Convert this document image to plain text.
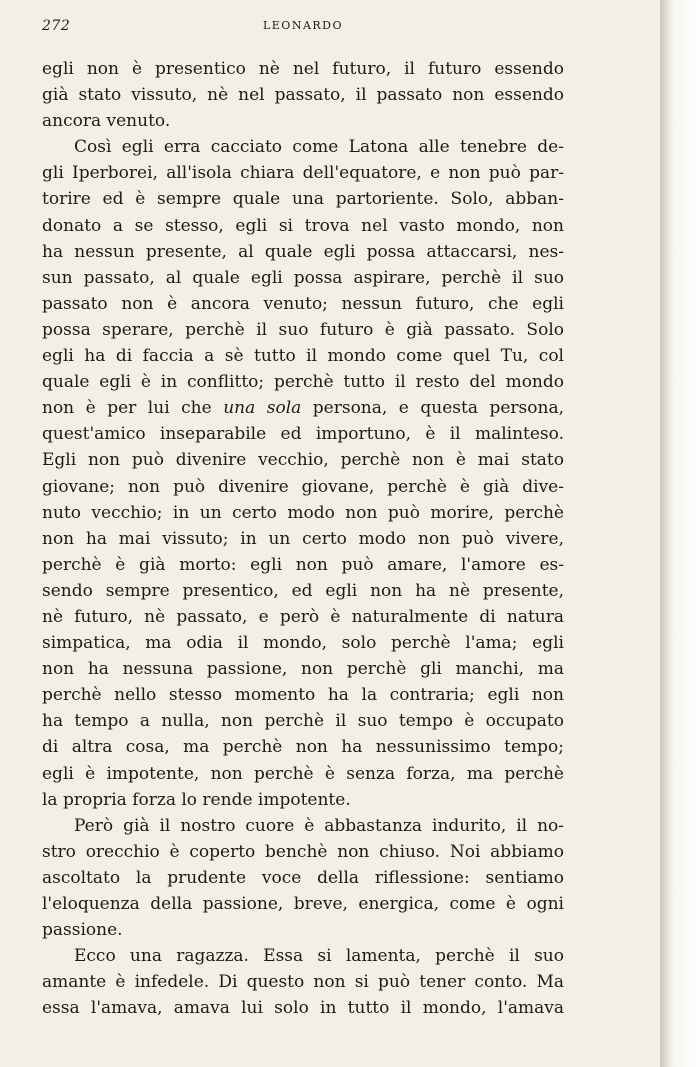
272	LEONARDO
egli non è presentico nè nel futuro, il futuro essendo
già stato vissuto, nè nel passato, il passato non essendo
ancora venuto.
Così egli erra cacciato come Latona alle tenebre de-
gli Iperborei, all'isola chiara dell'equatore, e non può par-
torire ed è sempre quale una partoriente. Solo, abban-
donato a se stesso, egli si trova nel vasto mondo, non
ha nessun presente, al quale egli possa attaccarsi, nes-
sun passato, al quale egli possa aspirare, perchè il suo
passato non è ancora venuto; nessun futuro, che egli
possa sperare, perchè il suo futuro è già passato. Solo
egli ha di faccia a sè tutto il mondo come quel Tu, col
quale egli è in conflitto; perchè tutto il resto del mondo
non è per lui che una sola persona, e questa persona,
quest'amico inseparabile ed importuno, è il malinteso.
Egli non può divenire vecchio, perchè non è mai stato
giovane; non può divenire giovane, perchè è già dive-
nuto vecchio; in un certo modo non può morire, perchè
non ha mai vissuto; in un certo modo non può vivere,
perchè è già morto: egli non può amare, l'amore es-
sendo sempre presentico, ed egli non ha nè presente,
nè futuro, nè passato, e però è naturalmente di natura
simpatica, ma odia il mondo, solo perchè l'ama; egli
non ha nessuna passione, non perchè gli manchi, ma
perchè nello stesso momento ha la contraria; egli non
ha tempo a nulla, non perchè il suo tempo è occupato
di altra cosa, ma perchè non ha nessunissimo tempo;
egli è impotente, non perchè è senza forza, ma perchè
la propria forza lo rende impotente.
Però già il nostro cuore è abbastanza indurito, il no-
stro orecchio è coperto benchè non chiuso. Noi abbiamo
ascoltato la prudente voce della riflessione: sentiamo
l'eloquenza della passione, breve, energica, come è ogni
passione.
Ecco una ragazza. Essa si lamenta, perchè il suo
amante è infedele. Di questo non si può tener conto. Ma
essa l'amava, amava lui solo in tutto il mondo, l'amava
